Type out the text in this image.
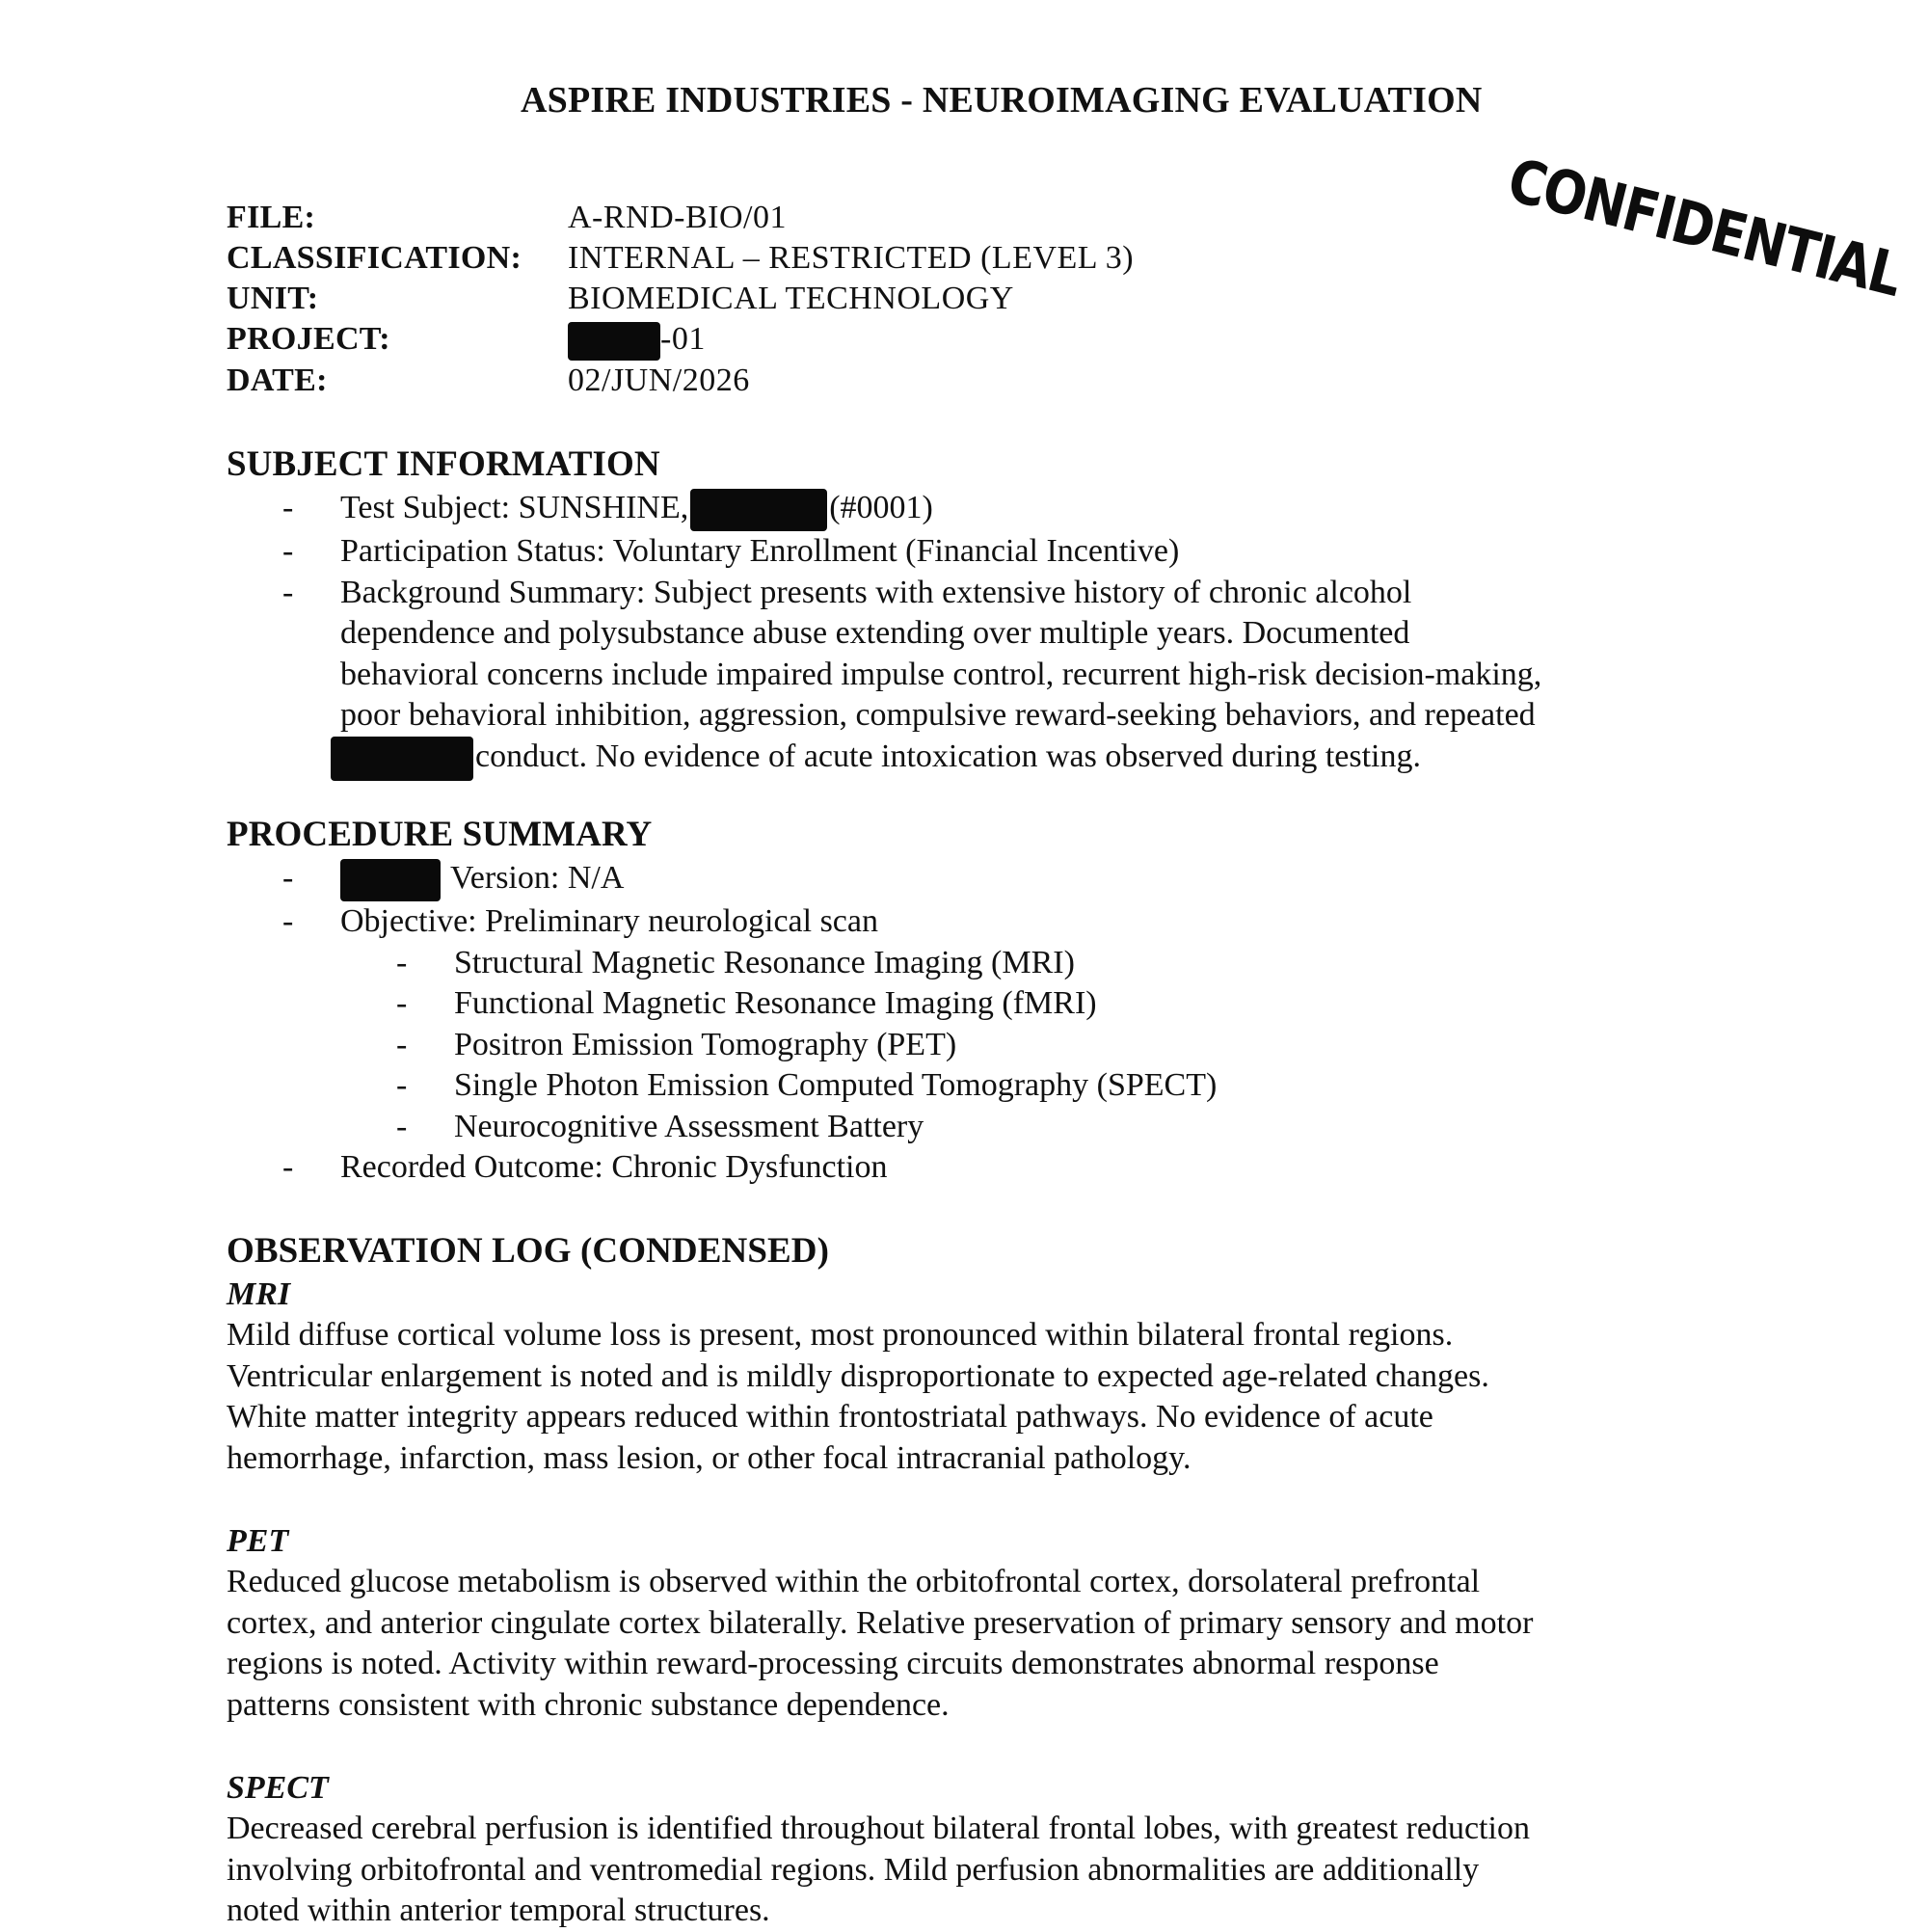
ASPIRE INDUSTRIES - NEUROIMAGING EVALUATION
CONFIDENTIAL
FILE:	A-RND-BIO/01
CLASSIFICATION:	INTERNAL – RESTRICTED (LEVEL 3)
UNIT:	BIOMEDICAL TECHNOLOGY
PROJECT:	-01
DATE:	02/JUN/2026
SUBJECT INFORMATION
- Test Subject: SUNSHINE,	(#0001)
- Participation Status: Voluntary Enrollment (Financial Incentive)
- Background Summary: Subject presents with extensive history of chronic alcohol
dependence and polysubstance abuse extending over multiple years. Documented
behavioral concerns include impaired impulse control, recurrent high-risk decision-making,
poor behavioral inhibition, aggression, compulsive reward-seeking behaviors, and repeated
conduct. No evidence of acute intoxication was observed during testing.
PROCEDURE SUMMARY
- Version: N/A
- Objective: Preliminary neurological scan
- Structural Magnetic Resonance Imaging (MRI)
- Functional Magnetic Resonance Imaging (fMRI)
- Positron Emission Tomography (PET)
- Single Photon Emission Computed Tomography (SPECT)
- Neurocognitive Assessment Battery
- Recorded Outcome: Chronic Dysfunction
OBSERVATION LOG (CONDENSED)
MRI
Mild diffuse cortical volume loss is present, most pronounced within bilateral frontal regions.
Ventricular enlargement is noted and is mildly disproportionate to expected age-related changes.
White matter integrity appears reduced within frontostriatal pathways. No evidence of acute
hemorrhage, infarction, mass lesion, or other focal intracranial pathology.
PET
Reduced glucose metabolism is observed within the orbitofrontal cortex, dorsolateral prefrontal
cortex, and anterior cingulate cortex bilaterally. Relative preservation of primary sensory and motor
regions is noted. Activity within reward-processing circuits demonstrates abnormal response
patterns consistent with chronic substance dependence.
SPECT
Decreased cerebral perfusion is identified throughout bilateral frontal lobes, with greatest reduction
involving orbitofrontal and ventromedial regions. Mild perfusion abnormalities are additionally
noted within anterior temporal structures.
